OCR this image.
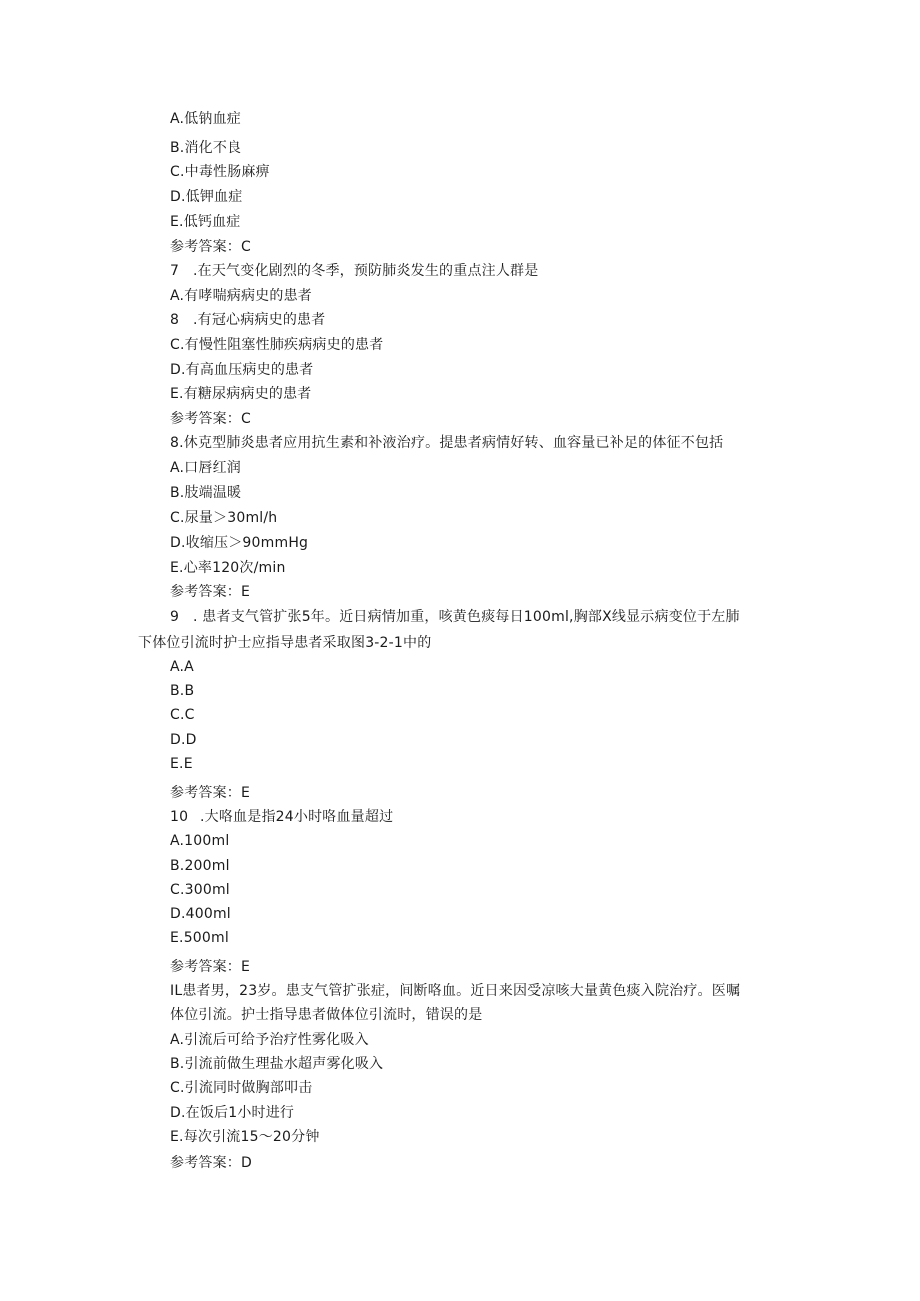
A.低钠血症
B.消化不良
C.中毒性肠麻痹
D.低钾血症
E.低钙血症
参考答案：C
7 .在天气变化剧烈的冬季，预防肺炎发生的重点注人群是
A.有哮喘病病史的患者
8 .有冠心病病史的患者
C.有慢性阻塞性肺疾病病史的患者
D.有高血压病史的患者
E.有糖尿病病史的患者
参考答案：C
8.休克型肺炎患者应用抗生素和补液治疗。提患者病情好转、血容量已补足的体征不包括
A.口唇红润
B.肢端温暖
C.尿量＞30ml/h
D.收缩压＞90mmHg
E.心率120次/min
参考答案：E
9 . 患者支气管扩张5年。近日病情加重，咳黄色痰每日100ml,胸部X线显示病变位于左肺
下体位引流时护士应指导患者采取图3-2-1中的
A.A
B.B
C.C
D.D
E.E
参考答案：E
10 .大咯血是指24小时咯血量超过
A.100ml
B.200ml
C.300ml
D.400ml
E.500ml
参考答案：E
IL患者男，23岁。患支气管扩张症，间断咯血。近日来因受凉咳大量黄色痰入院治疗。医嘱
体位引流。护士指导患者做体位引流时，错误的是
A.引流后可给予治疗性雾化吸入
B.引流前做生理盐水超声雾化吸入
C.引流同时做胸部叩击
D.在饭后1小时进行
E.每次引流15～20分钟
参考答案：D
